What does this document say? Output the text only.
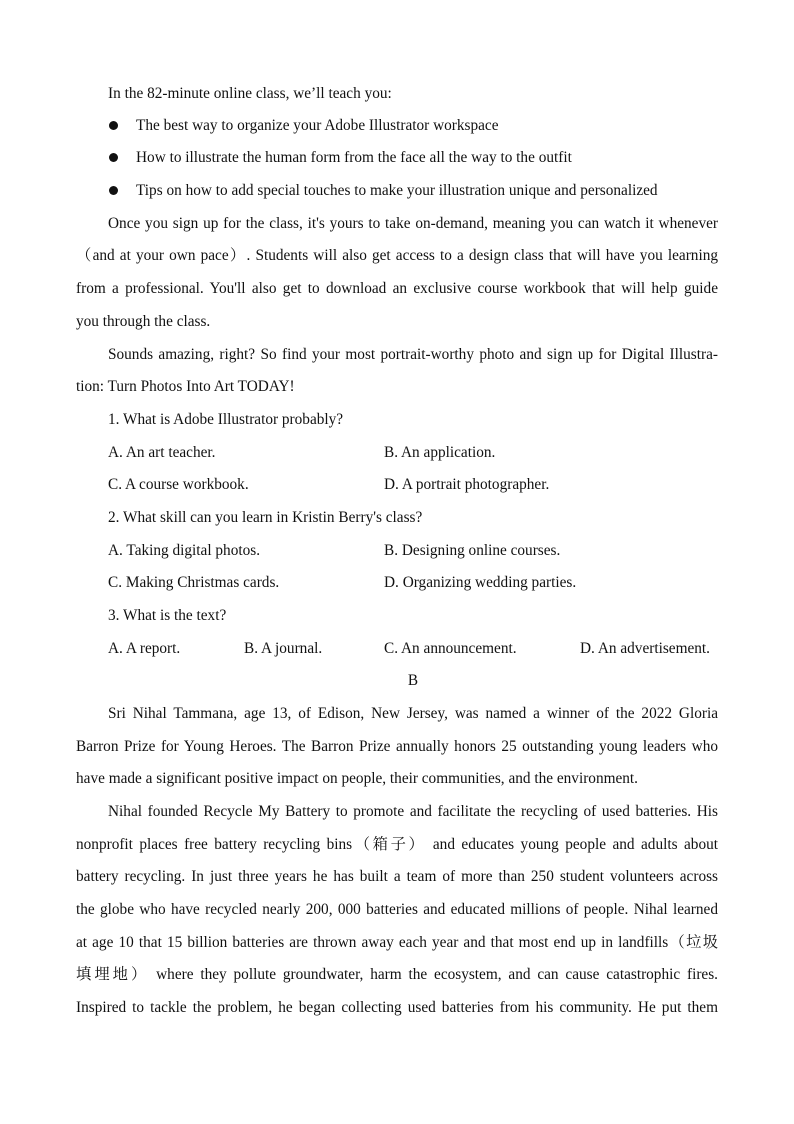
In the 82-minute online class, we’ll teach you:
The best way to organize your Adobe Illustrator workspace
How to illustrate the human form from the face all the way to the outfit
Tips on how to add special touches to make your illustration unique and personalized
Once you sign up for the class, it's yours to take on-demand, meaning you can watch it whenever
（and at your own pace）. Students will also get access to a design class that will have you learning
from a professional. You'll also get to download an exclusive course workbook that will help guide
you through the class.
Sounds amazing, right? So find your most portrait-worthy photo and sign up for Digital Illustra-
tion: Turn Photos Into Art TODAY!
1. What is Adobe Illustrator probably?
A. An art teacher.	B. An application.
C. A course workbook.	D. A portrait photographer.
2. What skill can you learn in Kristin Berry's class?
A. Taking digital photos.	B. Designing online courses.
C. Making Christmas cards.	D. Organizing wedding parties.
3. What is the text?
A. A report.	B. A journal.	C. An announcement.	D. An advertisement.
B
Sri Nihal Tammana, age 13, of Edison, New Jersey, was named a winner of the 2022 Gloria
Barron Prize for Young Heroes. The Barron Prize annually honors 25 outstanding young leaders who
have made a significant positive impact on people, their communities, and the environment.
Nihal founded Recycle My Battery to promote and facilitate the recycling of used batteries. His
nonprofit places free battery recycling bins（箱子） and educates young people and adults about
battery recycling. In just three years he has built a team of more than 250 student volunteers across
the globe who have recycled nearly 200, 000 batteries and educated millions of people. Nihal learned
at age 10 that 15 billion batteries are thrown away each year and that most end up in landfills（垃圾
填埋地） where they pollute groundwater, harm the ecosystem, and can cause catastrophic fires.
Inspired to tackle the problem, he began collecting used batteries from his community. He put them
